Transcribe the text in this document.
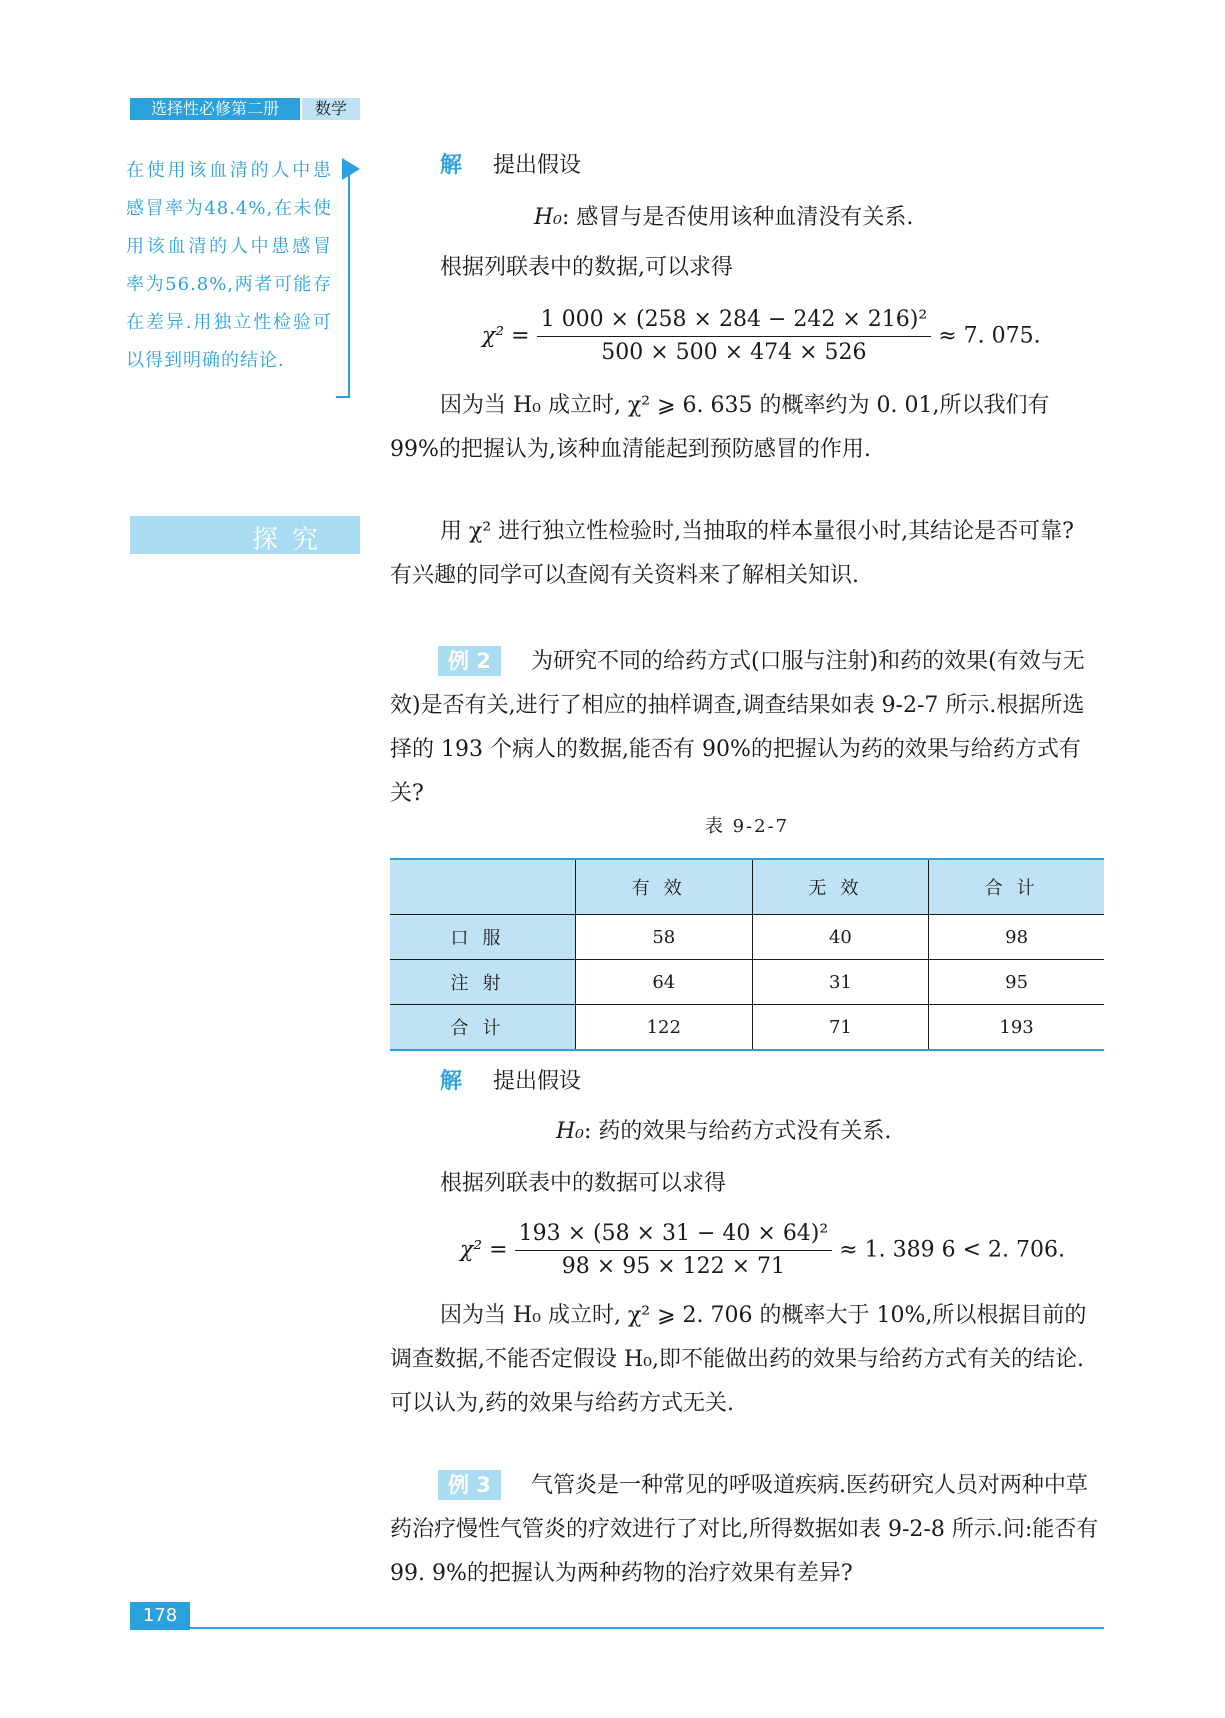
选择性必修第二册	数学
在使用该血清的人中患感冒率为48.4%,在未使用该血清的人中患感冒率为56.8%,两者可能存在差异.用独立性检验可以得到明确的结论.
解 提出假设
H₀: 感冒与是否使用该种血清没有关系.
根据列联表中的数据,可以求得
$\chi^2 = \frac{\text{1 000 × (258 × 284 − 242 × 216)²}}{500 \times 500 \times 474 \times 526} \approx 7$. 075.
因为当 H₀ 成立时, χ² ⩾ 6. 635 的概率约为 0. 01,所以我们有 99%的把握认为,该种血清能起到预防感冒的作用.
探究	用 χ² 进行独立性检验时,当抽取的样本量很小时,其结论是否可靠? 有兴趣的同学可以查阅有关资料来了解相关知识.
例 2 为研究不同的给药方式(口服与注射)和药的效果(有效与无效)是否有关,进行了相应的抽样调查,调查结果如表 9-2-7 所示.根据所选择的 193 个病人的数据,能否有 90%的把握认为药的效果与给药方式有关?
表 9-2-7
	有效	无效	合计
口服	58	40	98
注射	64	31	95
合计	122	71	193
解 提出假设
H₀: 药的效果与给药方式没有关系.
根据列联表中的数据可以求得
$\chi^2 = \frac{\text{193 × (58 × 31 − 40 × 64)²}}{98 \times 95 \times 122 \times 71} \approx 1$. 389 6 < 2. 706.
因为当 H₀ 成立时, χ² ⩾ 2. 706 的概率大于 10%,所以根据目前的调查数据,不能否定假设 H₀,即不能做出药的效果与给药方式有关的结论.可以认为,药的效果与给药方式无关.
例 3 气管炎是一种常见的呼吸道疾病.医药研究人员对两种中草药治疗慢性气管炎的疗效进行了对比,所得数据如表 9-2-8 所示.问:能否有 99. 9%的把握认为两种药物的治疗效果有差异?
178
